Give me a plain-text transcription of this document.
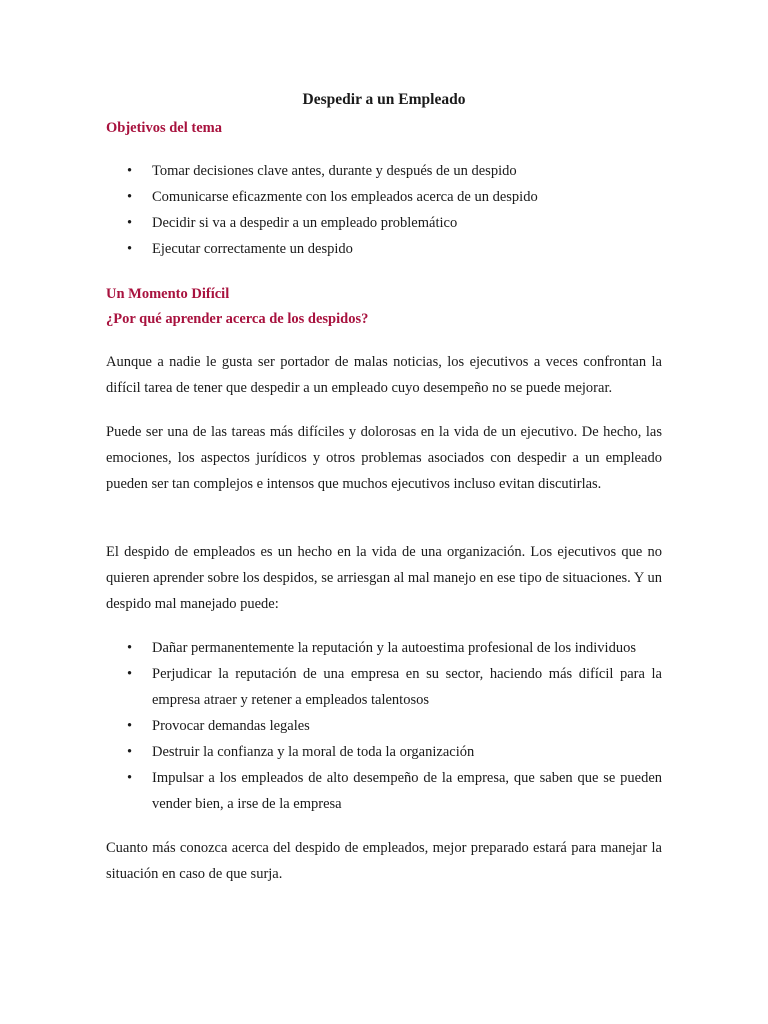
Despedir a un Empleado
Objetivos del tema
• Tomar decisiones clave antes, durante y después de un despido
• Comunicarse eficazmente con los empleados acerca de un despido
• Decidir si va a despedir a un empleado problemático
• Ejecutar correctamente un despido
Un Momento Difícil
¿Por qué aprender acerca de los despidos?

Aunque a nadie le gusta ser portador de malas noticias, los ejecutivos a veces confrontan la difícil tarea de tener que despedir a un empleado cuyo desempeño no se puede mejorar.

Puede ser una de las tareas más difíciles y dolorosas en la vida de un ejecutivo. De hecho, las emociones, los aspectos jurídicos y otros problemas asociados con despedir a un empleado pueden ser tan complejos e intensos que muchos ejecutivos incluso evitan discutirlas.

El despido de empleados es un hecho en la vida de una organización. Los ejecutivos que no quieren aprender sobre los despidos, se arriesgan al mal manejo en ese tipo de situaciones. Y un despido mal manejado puede:

• Dañar permanentemente la reputación y la autoestima profesional de los individuos
• Perjudicar la reputación de una empresa en su sector, haciendo más difícil para la empresa atraer y retener a empleados talentosos
• Provocar demandas legales
• Destruir la confianza y la moral de toda la organización
• Impulsar a los empleados de alto desempeño de la empresa, que saben que se pueden vender bien, a irse de la empresa

Cuanto más conozca acerca del despido de empleados, mejor preparado estará para manejar la situación en caso de que surja.
